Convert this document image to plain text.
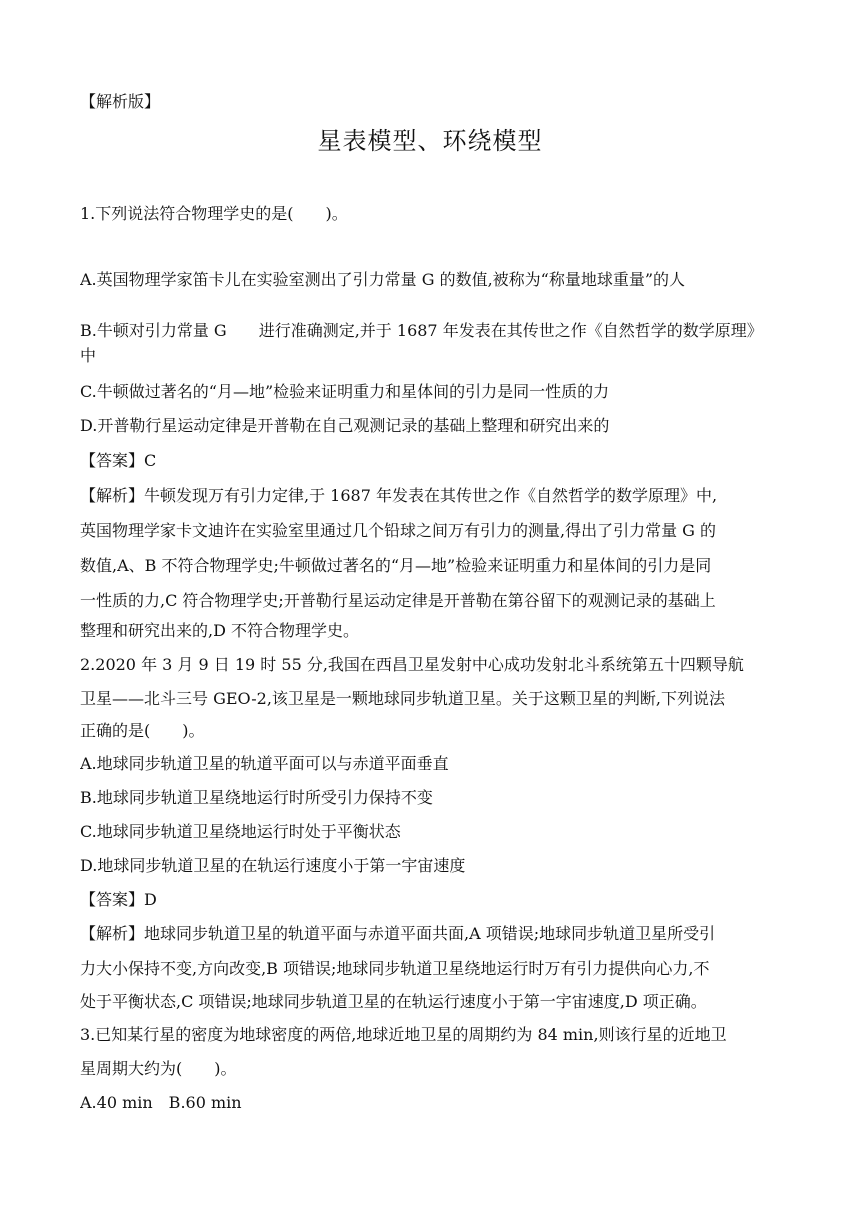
【解析版】
星表模型、环绕模型
1.下列说法符合物理学史的是(　　)。
A.英国物理学家笛卡儿在实验室测出了引力常量 G 的数值,被称为“称量地球重量”的人
B.牛顿对引力常量 G　　进行准确测定,并于 1687 年发表在其传世之作《自然哲学的数学原理》
中
C.牛顿做过著名的“月—地”检验来证明重力和星体间的引力是同一性质的力
D.开普勒行星运动定律是开普勒在自己观测记录的基础上整理和研究出来的
【答案】C
【解析】牛顿发现万有引力定律,于 1687 年发表在其传世之作《自然哲学的数学原理》中,
英国物理学家卡文迪许在实验室里通过几个铅球之间万有引力的测量,得出了引力常量 G 的
数值,A、B 不符合物理学史;牛顿做过著名的“月—地”检验来证明重力和星体间的引力是同
一性质的力,C 符合物理学史;开普勒行星运动定律是开普勒在第谷留下的观测记录的基础上
整理和研究出来的,D 不符合物理学史。
2.2020 年 3 月 9 日 19 时 55 分,我国在西昌卫星发射中心成功发射北斗系统第五十四颗导航
卫星——北斗三号 GEO-2,该卫星是一颗地球同步轨道卫星。关于这颗卫星的判断,下列说法
正确的是(　　)。
A.地球同步轨道卫星的轨道平面可以与赤道平面垂直
B.地球同步轨道卫星绕地运行时所受引力保持不变
C.地球同步轨道卫星绕地运行时处于平衡状态
D.地球同步轨道卫星的在轨运行速度小于第一宇宙速度
【答案】D
【解析】地球同步轨道卫星的轨道平面与赤道平面共面,A 项错误;地球同步轨道卫星所受引
力大小保持不变,方向改变,B 项错误;地球同步轨道卫星绕地运行时万有引力提供向心力,不
处于平衡状态,C 项错误;地球同步轨道卫星的在轨运行速度小于第一宇宙速度,D 项正确。
3.已知某行星的密度为地球密度的两倍,地球近地卫星的周期约为 84 min,则该行星的近地卫
星周期大约为(　　)。
A.40 min　B.60 min
